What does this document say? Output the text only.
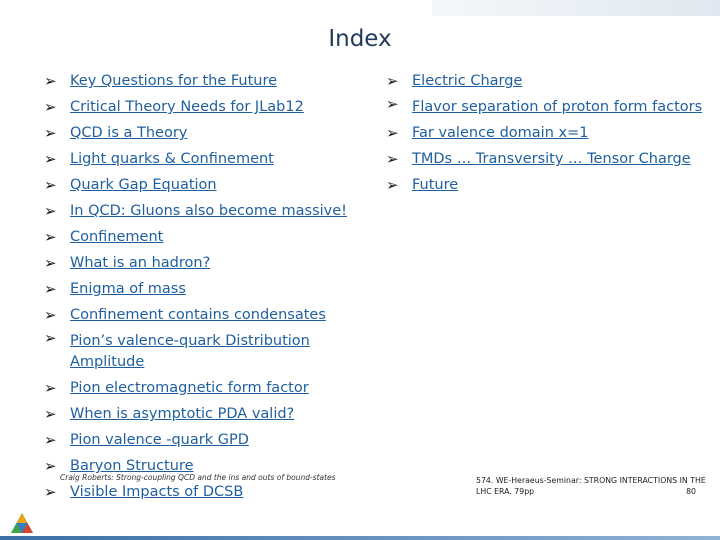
Index
➢ Key Questions for the Future
➢ Critical Theory Needs for JLab12
➢ QCD is a Theory
➢ Light quarks & Confinement
➢ Quark Gap Equation
➢ In QCD: Gluons also become massive!
➢ Confinement
➢ What is an hadron?
➢ Enigma of mass
➢ Confinement contains condensates
➢ Pion’s valence-quark Distribution Amplitude
➢ Pion electromagnetic form factor
➢ When is asymptotic PDA valid?
➢ Pion valence -quark GPD
➢ Baryon Structure
➢ Visible Impacts of DCSB
➢ Electric Charge
➢ Flavor separation of proton form factors
➢ Far valence domain x=1
➢ TMDs … Transversity … Tensor Charge
➢ Future
Craig Roberts: Strong-coupling QCD and the ins and outs of bound-states	574. WE-Heraeus-Seminar: STRONG INTERACTIONS IN THE LHC ERA. 79pp	80
